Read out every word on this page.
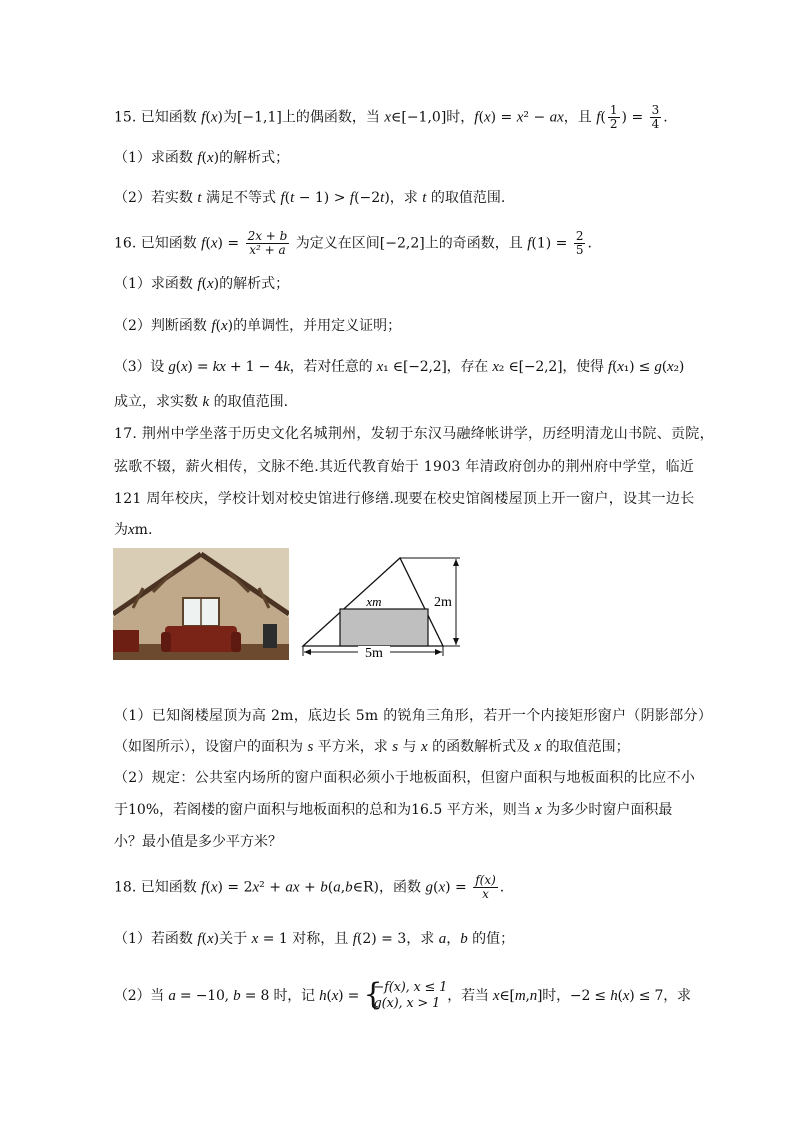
15. 已知函数 f(x)为[−1,1]上的偶函数，当 x∈[−1,0]时，f(x) = x² − ax，且 $f( \frac{1}{2}$ ) = $\frac{3}{4}$ .
（1）求函数 f(x)的解析式；
（2）若实数 t 满足不等式 f(t − 1) > f(−2t)，求 t 的取值范围.
16. 已知函数 $f(x) = \frac{2x + b}{\text{x² + a}}$ 为定义在区间[−2,2]上的奇函数，且 $f(1) = \frac{2}{5}$ .
（1）求函数 f(x)的解析式；
（2）判断函数 f(x)的单调性，并用定义证明；
（3）设 g(x) = kx + 1 − 4k，若对任意的 x₁ ∈[−2,2]，存在 x₂ ∈[−2,2]，使得 f(x₁) ≤ g(x₂)
成立，求实数 k 的取值范围.
17. 荆州中学坐落于历史文化名城荆州，发轫于东汉马融绛帐讲学，历经明清龙山书院、贡院，
弦歌不辍，薪火相传，文脉不绝.其近代教育始于 1903 年清政府创办的荆州府中学堂，临近
121 周年校庆，学校计划对校史馆进行修缮.现要在校史馆阁楼屋顶上开一窗户，设其一边长
为xm.
xm	2m
5m
（1）已知阁楼屋顶为高 2m，底边长 5m 的锐角三角形，若开一个内接矩形窗户（阴影部分）
（如图所示），设窗户的面积为 s 平方米，求 s 与 x 的函数解析式及 x 的取值范围；
（2）规定：公共室内场所的窗户面积必须小于地板面积，但窗户面积与地板面积的比应不小
于10%，若阁楼的窗户面积与地板面积的总和为16.5 平方米，则当 x 为多少时窗户面积最
小？最小值是多少平方米？
18. 已知函数 f(x) = 2x² + ax + b(a,b∈R)，函数 $g(x) = \frac{f(x)}{x}$ .
（1）若函数 f(x)关于 x = 1 对称，且 f(2) = 3，求 a，b 的值；
（2）当 a = −10, b = 8 时，记 h(x) = {
−f(x), x ≤ 1
g(x), x > 1 ，若当 x∈[m,n]时，−2 ≤ h(x) ≤ 7，求
